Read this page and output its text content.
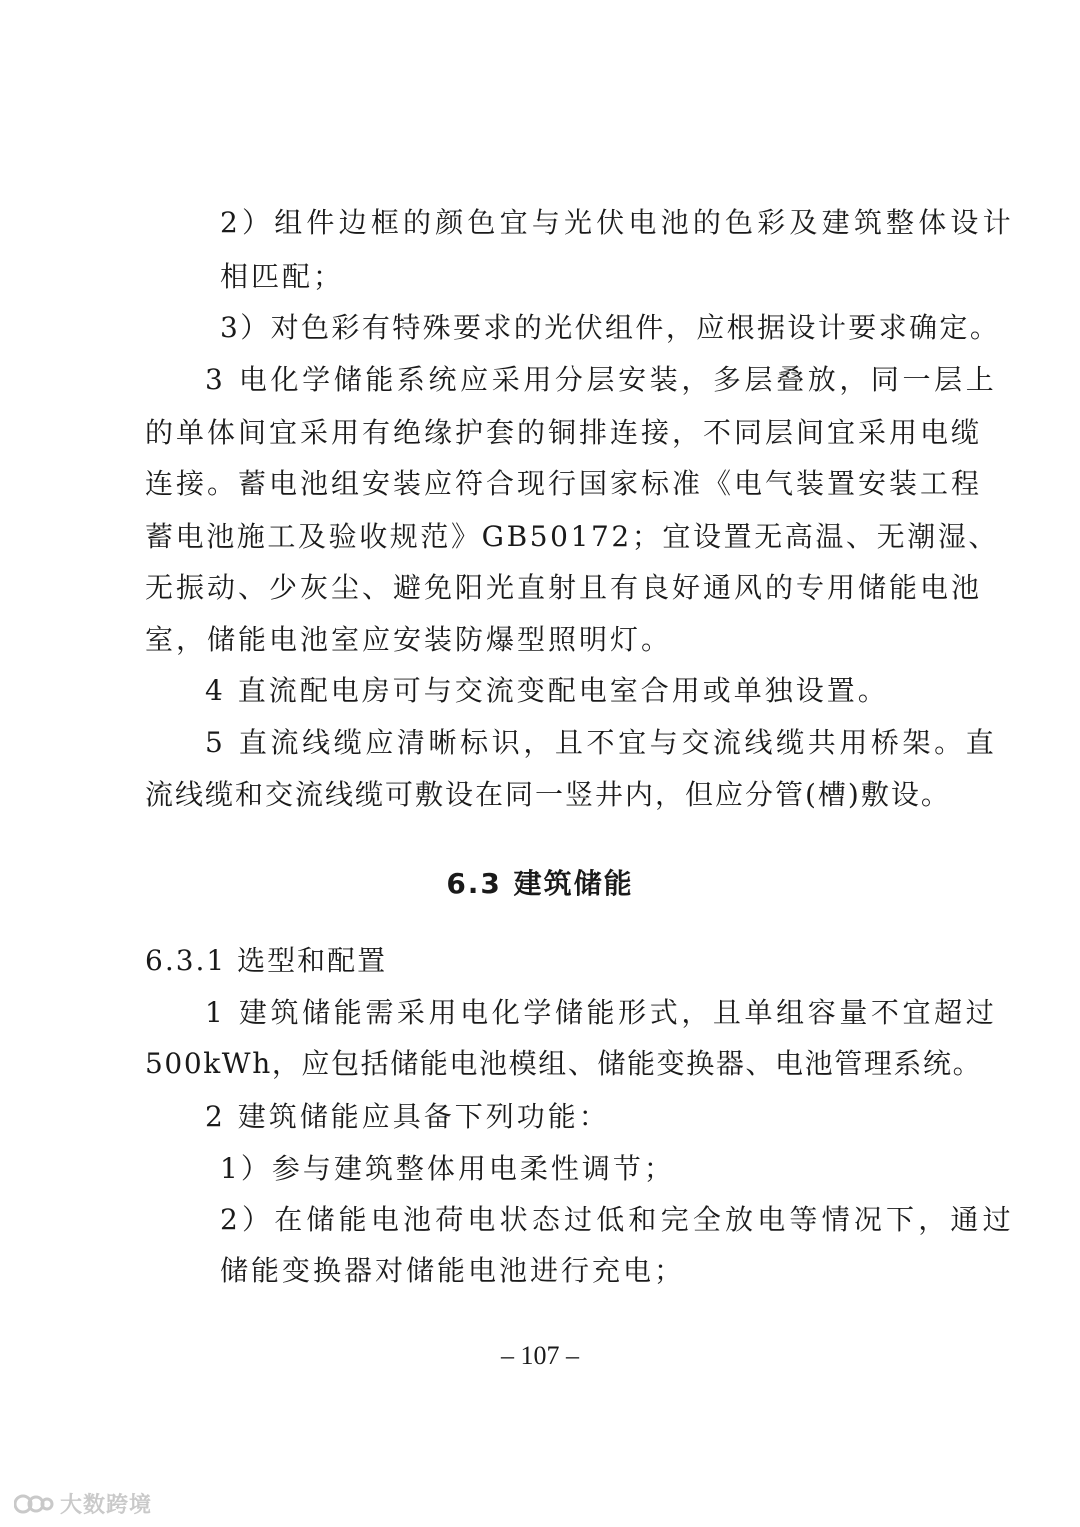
2）组件边框的颜色宜与光伏电池的色彩及建筑整体设计
相匹配；
3）对色彩有特殊要求的光伏组件，应根据设计要求确定。
3 电化学储能系统应采用分层安装，多层叠放，同一层上
的单体间宜采用有绝缘护套的铜排连接，不同层间宜采用电缆
连接。蓄电池组安装应符合现行国家标准《电气装置安装工程
蓄电池施工及验收规范》GB50172；宜设置无高温、无潮湿、
无振动、少灰尘、避免阳光直射且有良好通风的专用储能电池
室，储能电池室应安装防爆型照明灯。
4 直流配电房可与交流变配电室合用或单独设置。
5 直流线缆应清晰标识，且不宜与交流线缆共用桥架。直
流线缆和交流线缆可敷设在同一竖井内，但应分管(槽)敷设。
6.3 建筑储能
6.3.1 选型和配置
1 建筑储能需采用电化学储能形式，且单组容量不宜超过
500kWh，应包括储能电池模组、储能变换器、电池管理系统。
2 建筑储能应具备下列功能：
1）参与建筑整体用电柔性调节；
2）在储能电池荷电状态过低和完全放电等情况下，通过
储能变换器对储能电池进行充电；
– 107 –
大数跨境
